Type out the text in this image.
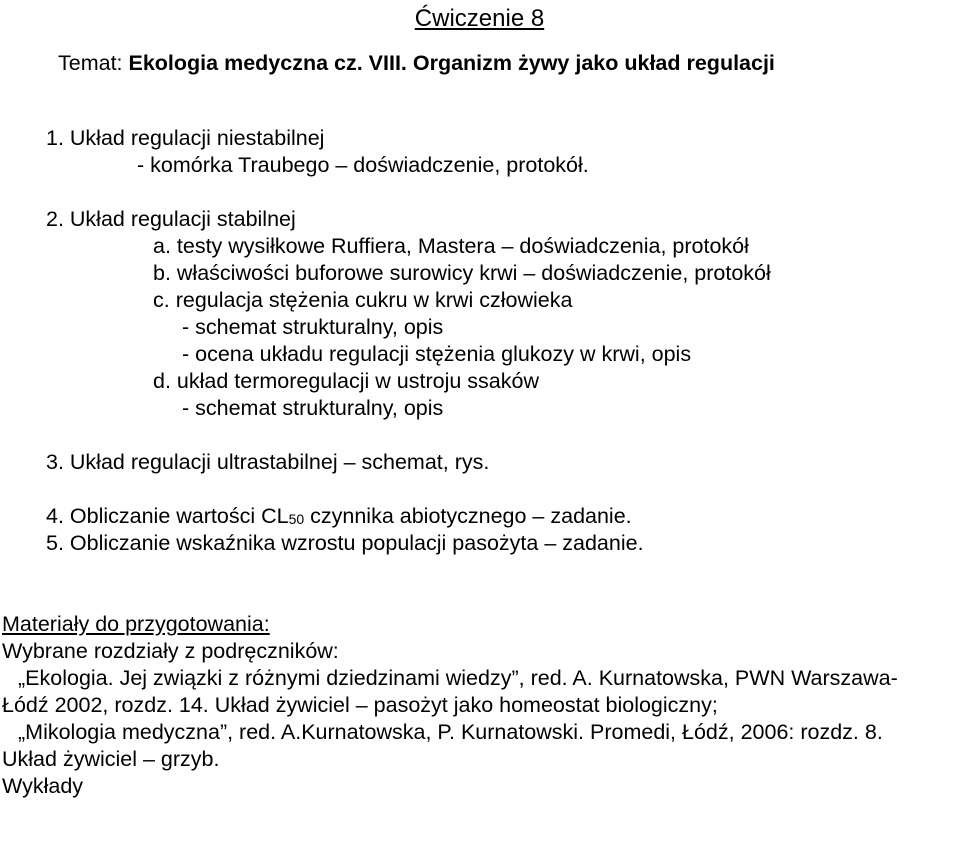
Ćwiczenie 8
Temat: Ekologia medyczna cz. VIII. Organizm żywy jako układ regulacji
1. Układ regulacji niestabilnej
- komórka Traubego – doświadczenie, protokół.
2. Układ regulacji stabilnej
a. testy wysiłkowe Ruffiera, Mastera – doświadczenia, protokół
b. właściwości buforowe surowicy krwi – doświadczenie, protokół
c. regulacja stężenia cukru w krwi człowieka
- schemat strukturalny, opis
- ocena układu regulacji stężenia glukozy w krwi, opis
d. układ termoregulacji w ustroju ssaków
- schemat strukturalny, opis
3. Układ regulacji ultrastabilnej – schemat, rys.
4. Obliczanie wartości $CL_{50}$ czynnika abiotycznego – zadanie.
5. Obliczanie wskaźnika wzrostu populacji pasożyta – zadanie.
Materiały do przygotowania:
Wybrane rozdziały z podręczników:
„Ekologia. Jej związki z różnymi dziedzinami wiedzy”, red. A. Kurnatowska, PWN Warszawa-
Łódź 2002, rozdz. 14. Układ żywiciel – pasożyt jako homeostat biologiczny;
„Mikologia medyczna”, red. A.Kurnatowska, P. Kurnatowski. Promedi, Łódź, 2006: rozdz. 8.
Układ żywiciel – grzyb.
Wykłady
